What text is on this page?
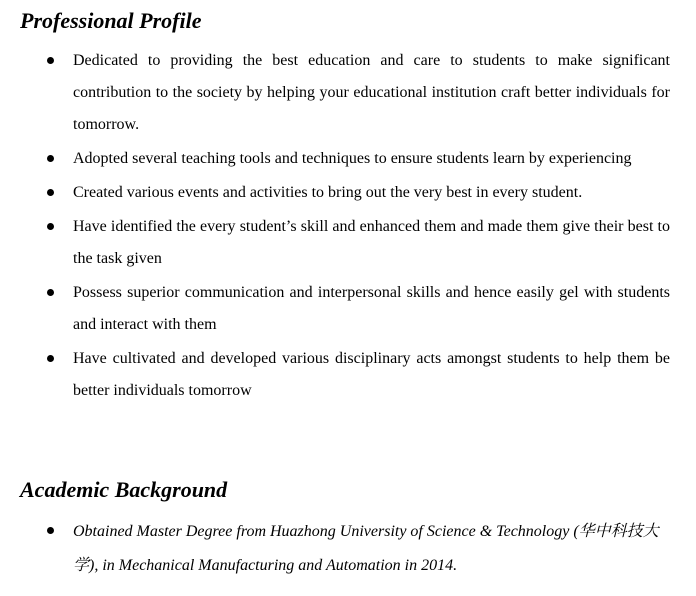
Professional Profile
Dedicated to providing the best education and care to students to make significant contribution to the society by helping your educational institution craft better individuals for tomorrow.
Adopted several teaching tools and techniques to ensure students learn by experiencing
Created various events and activities to bring out the very best in every student.
Have identified the every student’s skill and enhanced them and made them give their best to the task given
Possess superior communication and interpersonal skills and hence easily gel with students and interact with them
Have cultivated and developed various disciplinary acts amongst students to help them be better individuals tomorrow
Academic Background
Obtained Master Degree from Huazhong University of Science & Technology (华中科技大学), in Mechanical Manufacturing and Automation in 2014.
